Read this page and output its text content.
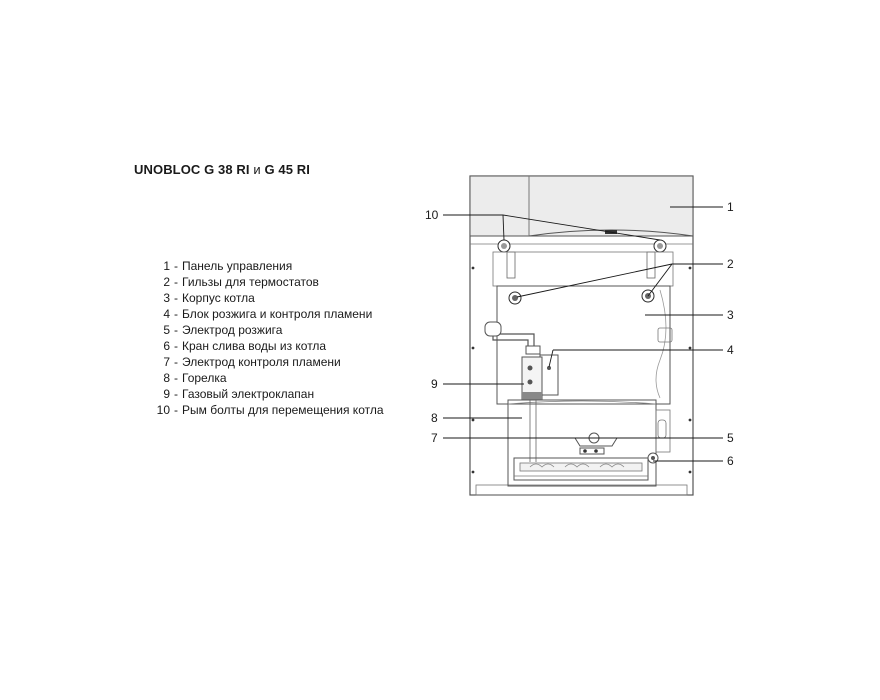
UNOBLOC G 38 RI и G 45 RI
1 - Панель управления
2 - Гильзы для термостатов
3 - Корпус котла
4 - Блок розжига и контроля пламени
5 - Электрод розжига
6 - Кран слива воды из котла
7 - Электрод контроля пламени
8 - Горелка
9 - Газовый электроклапан
10 - Рым болты для перемещения котла
1
2
3
4
5
6
7
8
9
10
